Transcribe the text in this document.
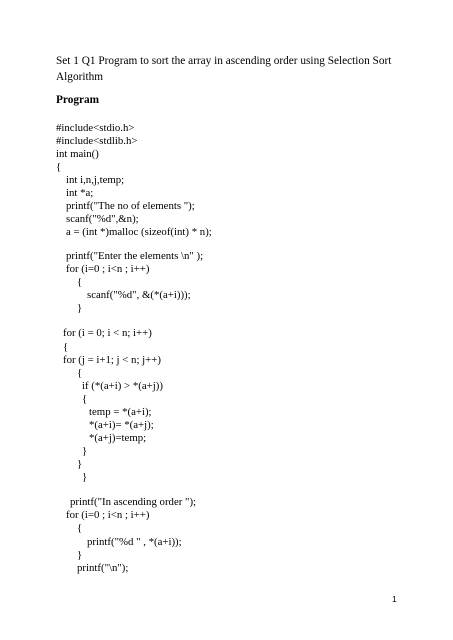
Set 1 Q1 Program to sort the array in ascending order using Selection Sort Algorithm

Program

#include<stdio.h>
#include<stdlib.h>
int main()
{
int i,n,j,temp;
int *a;
printf("The no of elements ");
scanf("%d",&n);
a = (int *)malloc (sizeof(int) * n);
printf("Enter the elements \n" );
for (i=0 ; i<n ; i++)
{
scanf("%d", &(*(a+i)));
}
for (i = 0; i < n; i++)
{
for (j = i+1; j < n; j++)
{
if (*(a+i) > *(a+j))
{
temp = *(a+i);
*(a+i)= *(a+j);
*(a+j)=temp;
}
}
}
printf("In ascending order ");
for (i=0 ; i<n ; i++)
{
printf("%d " , *(a+i));
}
printf("\n");
1
